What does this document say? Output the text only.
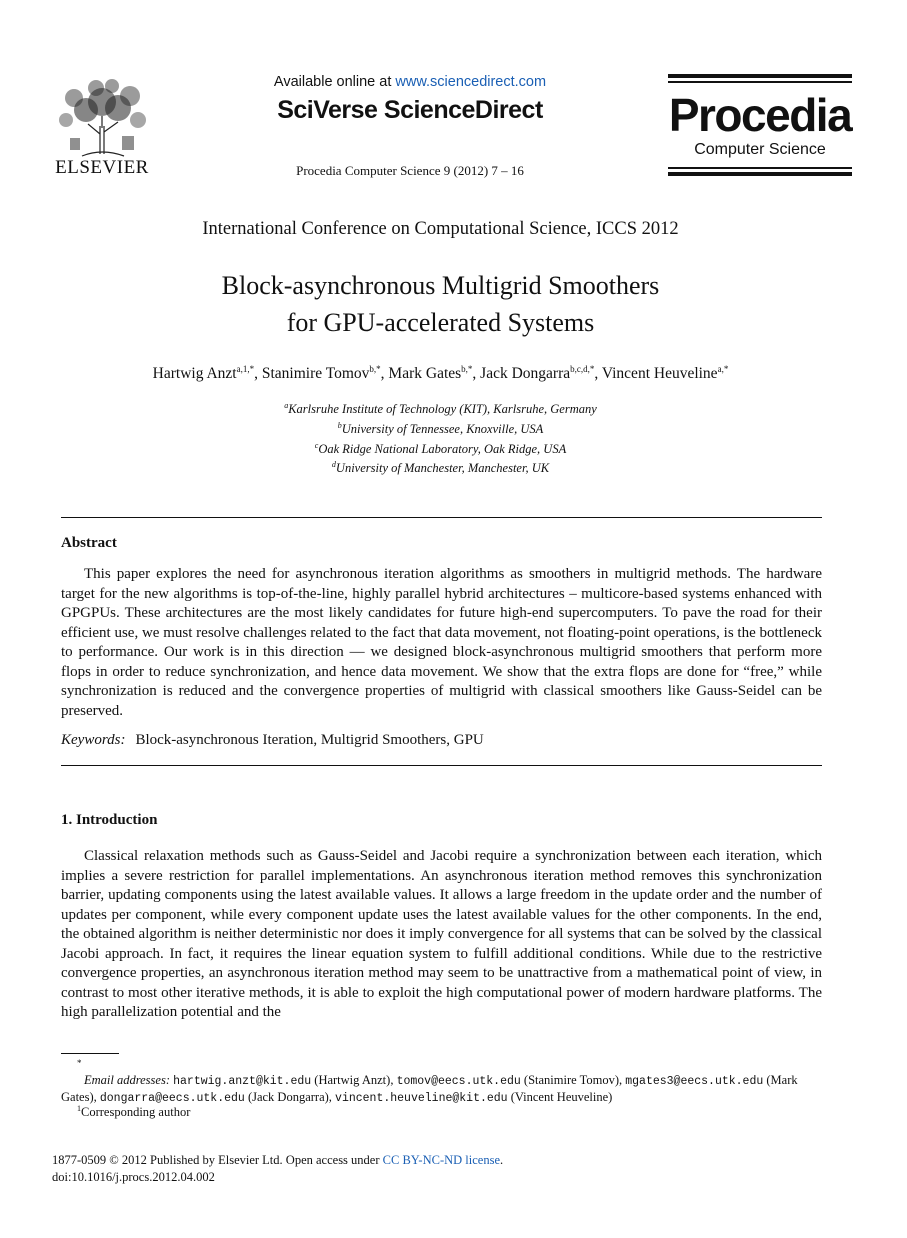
ELSEVIER
Available online at www.sciencedirect.com
SciVerse ScienceDirect
Procedia Computer Science 9 (2012) 7 – 16
Procedia
Computer Science
International Conference on Computational Science, ICCS 2012
Block-asynchronous Multigrid Smoothers
for GPU-accelerated Systems
Hartwig Anzt$^{a,1,*}$, Stanimire Tomov$^{b,*}$, Mark Gates$^{b,*}$, Jack Dongarra$^{b,c,d,*}$, Vincent Heuveline$^{a,*}$
$^a$Karlsruhe Institute of Technology (KIT), Karlsruhe, Germany
$^b$University of Tennessee, Knoxville, USA
$^c$Oak Ridge National Laboratory, Oak Ridge, USA
$^d$University of Manchester, Manchester, UK
Abstract

This paper explores the need for asynchronous iteration algorithms as smoothers in multigrid methods. The hardware target for the new algorithms is top-of-the-line, highly parallel hybrid architectures – multicore-based systems enhanced with GPGPUs. These architectures are the most likely candidates for future high-end supercomputers. To pave the road for their efficient use, we must resolve challenges related to the fact that data movement, not floating-point operations, is the bottleneck to performance. Our work is in this direction — we designed block-asynchronous multigrid smoothers that perform more flops in order to reduce synchronization, and hence data movement. We show that the extra flops are done for “free,” while synchronization is reduced and the convergence properties of multigrid with classical smoothers like Gauss-Seidel can be preserved.

Keywords: Block-asynchronous Iteration, Multigrid Smoothers, GPU
1. Introduction

Classical relaxation methods such as Gauss-Seidel and Jacobi require a synchronization between each iteration, which implies a severe restriction for parallel implementations. An asynchronous iteration method removes this synchronization barrier, updating components using the latest available values. It allows a large freedom in the update order and the number of updates per component, while every component update uses the latest available values for the other components. In the end, the obtained algorithm is neither deterministic nor does it imply convergence for all systems that can be solved by the classical Jacobi approach. In fact, it requires the linear equation system to fulfill additional conditions. While due to the restrictive convergence properties, an asynchronous iteration method may seem to be unattractive from a mathematical point of view, in contrast to most other iterative methods, it is able to exploit the high computational power of modern hardware platforms. The high parallelization potential and the

*
Email addresses: hartwig.anzt@kit.edu (Hartwig Anzt), tomov@eecs.utk.edu (Stanimire Tomov), mgates3@eecs.utk.edu (Mark Gates), dongarra@eecs.utk.edu (Jack Dongarra), vincent.heuveline@kit.edu (Vincent Heuveline)
$^1$Corresponding author
1877-0509 © 2012 Published by Elsevier Ltd. Open access under CC BY-NC-ND license.
doi:10.1016/j.procs.2012.04.002
